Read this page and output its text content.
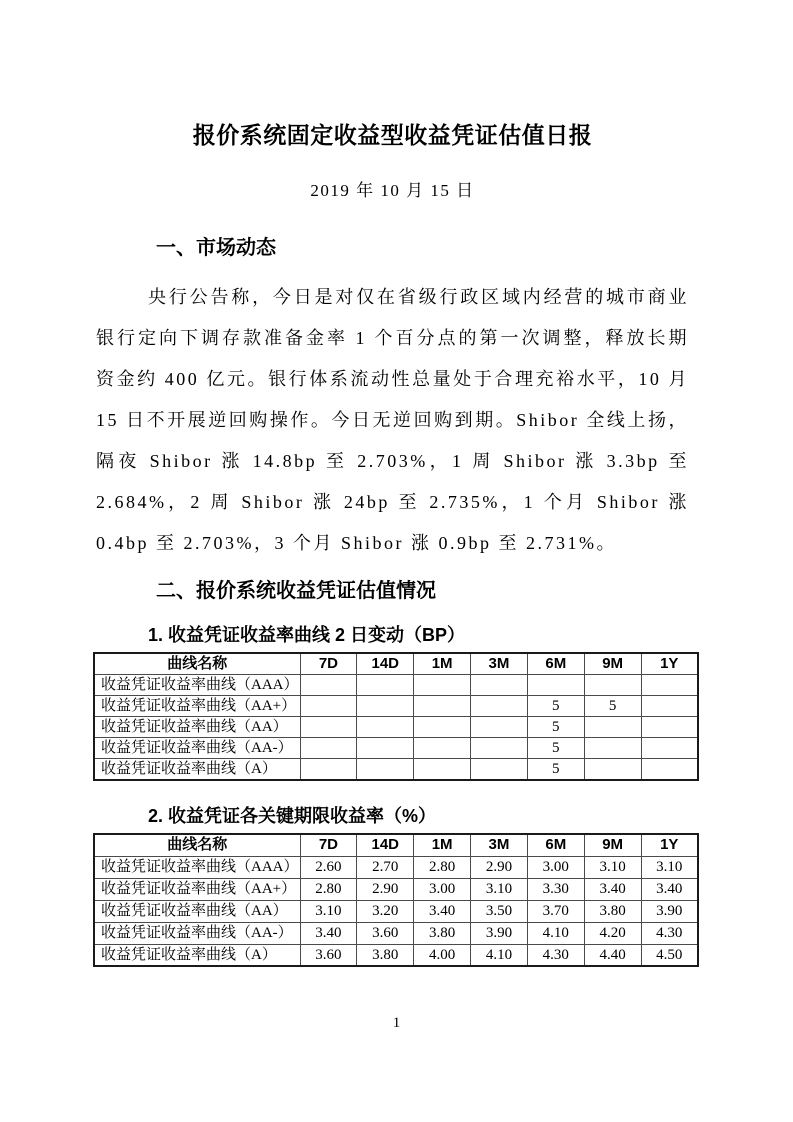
报价系统固定收益型收益凭证估值日报
2019 年 10 月 15 日
一、市场动态

央行公告称，今日是对仅在省级行政区域内经营的城市商业银行定向下调存款准备金率 1 个百分点的第一次调整，释放长期资金约 400 亿元。银行体系流动性总量处于合理充裕水平，10 月 15 日不开展逆回购操作。今日无逆回购到期。Shibor 全线上扬，隔夜 Shibor 涨 14.8bp 至 2.703%，1 周 Shibor 涨 3.3bp 至 2.684%，2 周 Shibor 涨 24bp 至 2.735%，1 个月 Shibor 涨 0.4bp 至 2.703%，3 个月 Shibor 涨 0.9bp 至 2.731%。

二、报价系统收益凭证估值情况
1. 收益凭证收益率曲线 2 日变动（BP）
曲线名称	7D	14D	1M	3M	6M	9M	1Y
收益凭证收益率曲线（AAA）							
收益凭证收益率曲线（AA+）					5	5	
收益凭证收益率曲线（AA）					5		
收益凭证收益率曲线（AA-）					5		
收益凭证收益率曲线（A）					5		
2. 收益凭证各关键期限收益率（%）
曲线名称	7D	14D	1M	3M	6M	9M	1Y
收益凭证收益率曲线（AAA）	2.60	2.70	2.80	2.90	3.00	3.10	3.10
收益凭证收益率曲线（AA+）	2.80	2.90	3.00	3.10	3.30	3.40	3.40
收益凭证收益率曲线（AA）	3.10	3.20	3.40	3.50	3.70	3.80	3.90
收益凭证收益率曲线（AA-）	3.40	3.60	3.80	3.90	4.10	4.20	4.30
收益凭证收益率曲线（A）	3.60	3.80	4.00	4.10	4.30	4.40	4.50
1
